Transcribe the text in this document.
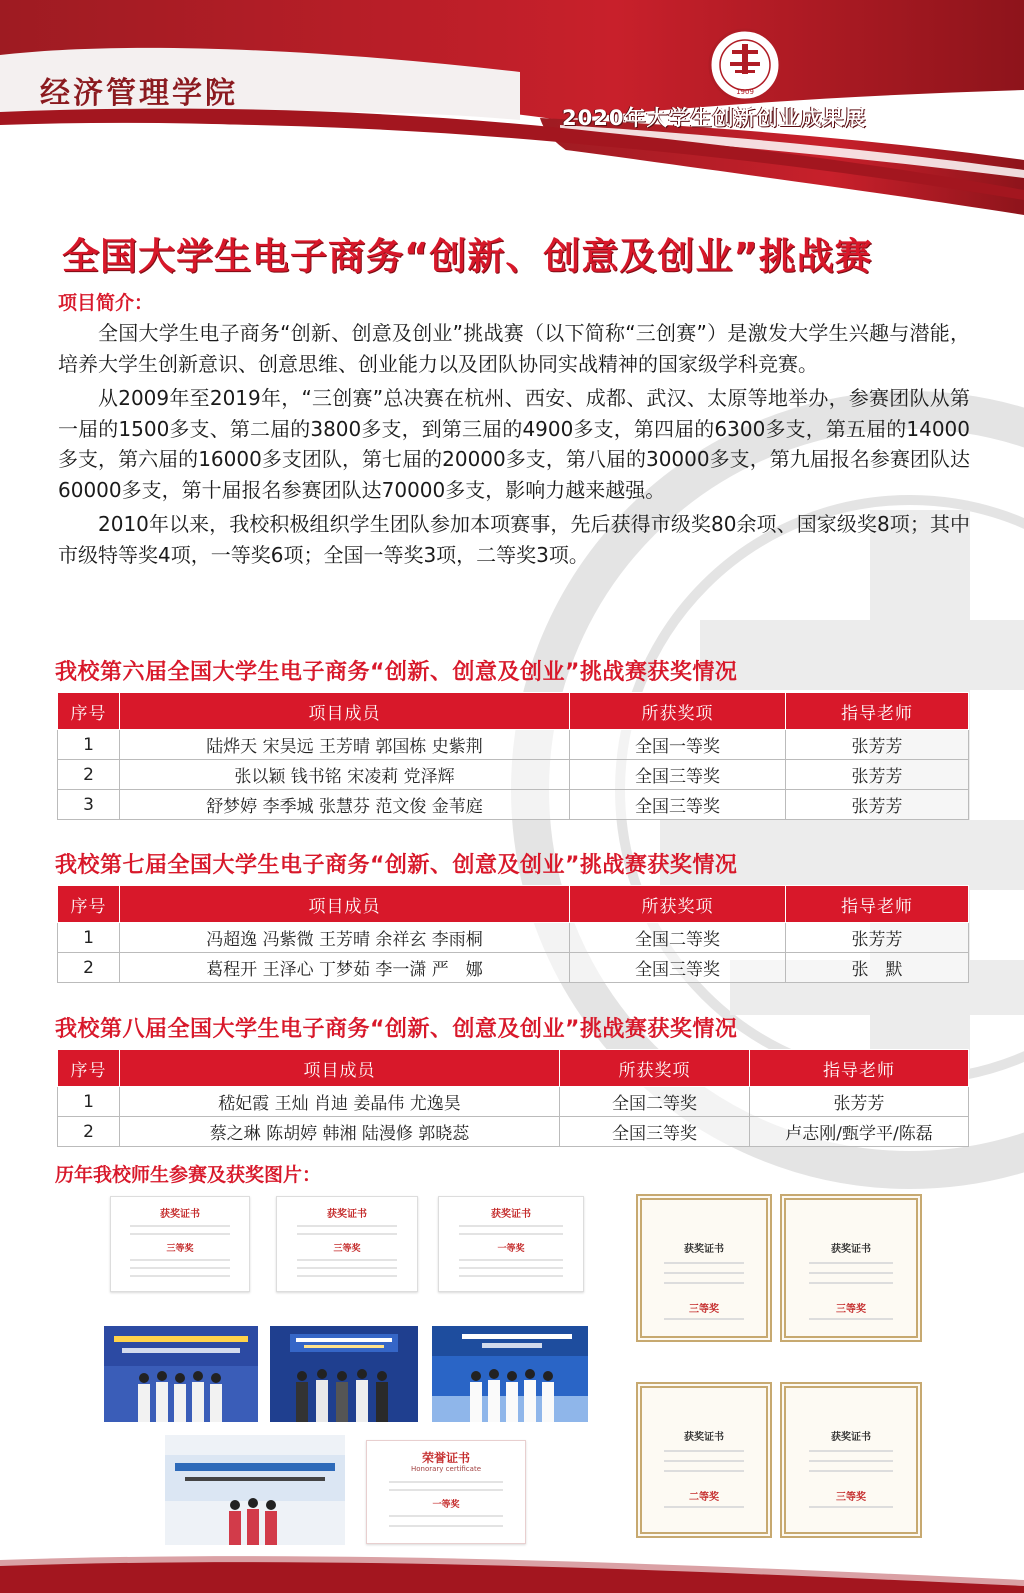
经济管理学院	1909
2020年大学生创新创业成果展
全国大学生电子商务“创新、创意及创业”挑战赛
项目简介：

全国大学生电子商务“创新、创意及创业”挑战赛（以下简称“三创赛”）是激发大学生兴趣与潜能，培养大学生创新意识、创意思维、创业能力以及团队协同实战精神的国家级学科竞赛。

从2009年至2019年，“三创赛”总决赛在杭州、西安、成都、武汉、太原等地举办，参赛团队从第一届的1500多支、第二届的3800多支，到第三届的4900多支，第四届的6300多支，第五届的14000多支，第六届的16000多支团队，第七届的20000多支，第八届的30000多支，第九届报名参赛团队达60000多支，第十届报名参赛团队达70000多支，影响力越来越强。

2010年以来，我校积极组织学生团队参加本项赛事，先后获得市级奖80余项、国家级奖8项；其中市级特等奖4项，一等奖6项；全国一等奖3项，二等奖3项。

我校第六届全国大学生电子商务“创新、创意及创业”挑战赛获奖情况
序号	项目成员	所获奖项	指导老师
1	陆烨天 宋昊远 王芳晴 郭国栋 史紫荆	全国一等奖	张芳芳
2	张以颖 钱书铭 宋凌莉 党泽辉	全国三等奖	张芳芳
3	舒梦婷 李季城 张慧芬 范文俊 金苇庭	全国三等奖	张芳芳
我校第七届全国大学生电子商务“创新、创意及创业”挑战赛获奖情况
序号	项目成员	所获奖项	指导老师
1	冯超逸 冯紫微 王芳晴 余祥玄 李雨桐	全国二等奖	张芳芳
2	葛程开 王泽心 丁梦茹 李一潇 严　娜	全国三等奖	张　默
我校第八届全国大学生电子商务“创新、创意及创业”挑战赛获奖情况
序号	项目成员	所获奖项	指导老师
1	嵇妃霞 王灿 肖迪 姜晶伟 尤逸昊	全国二等奖	张芳芳
2	蔡之琳 陈胡婷 韩湘 陆漫修 郭晓蕊	全国三等奖	卢志刚/甄学平/陈磊
历年我校师生参赛及获奖图片：
获奖证书
三等奖
获奖证书
三等奖
获奖证书
一等奖
荣誉证书
Honorary certificate
一等奖
获奖证书
三等奖
获奖证书
三等奖
获奖证书
二等奖
获奖证书
三等奖
